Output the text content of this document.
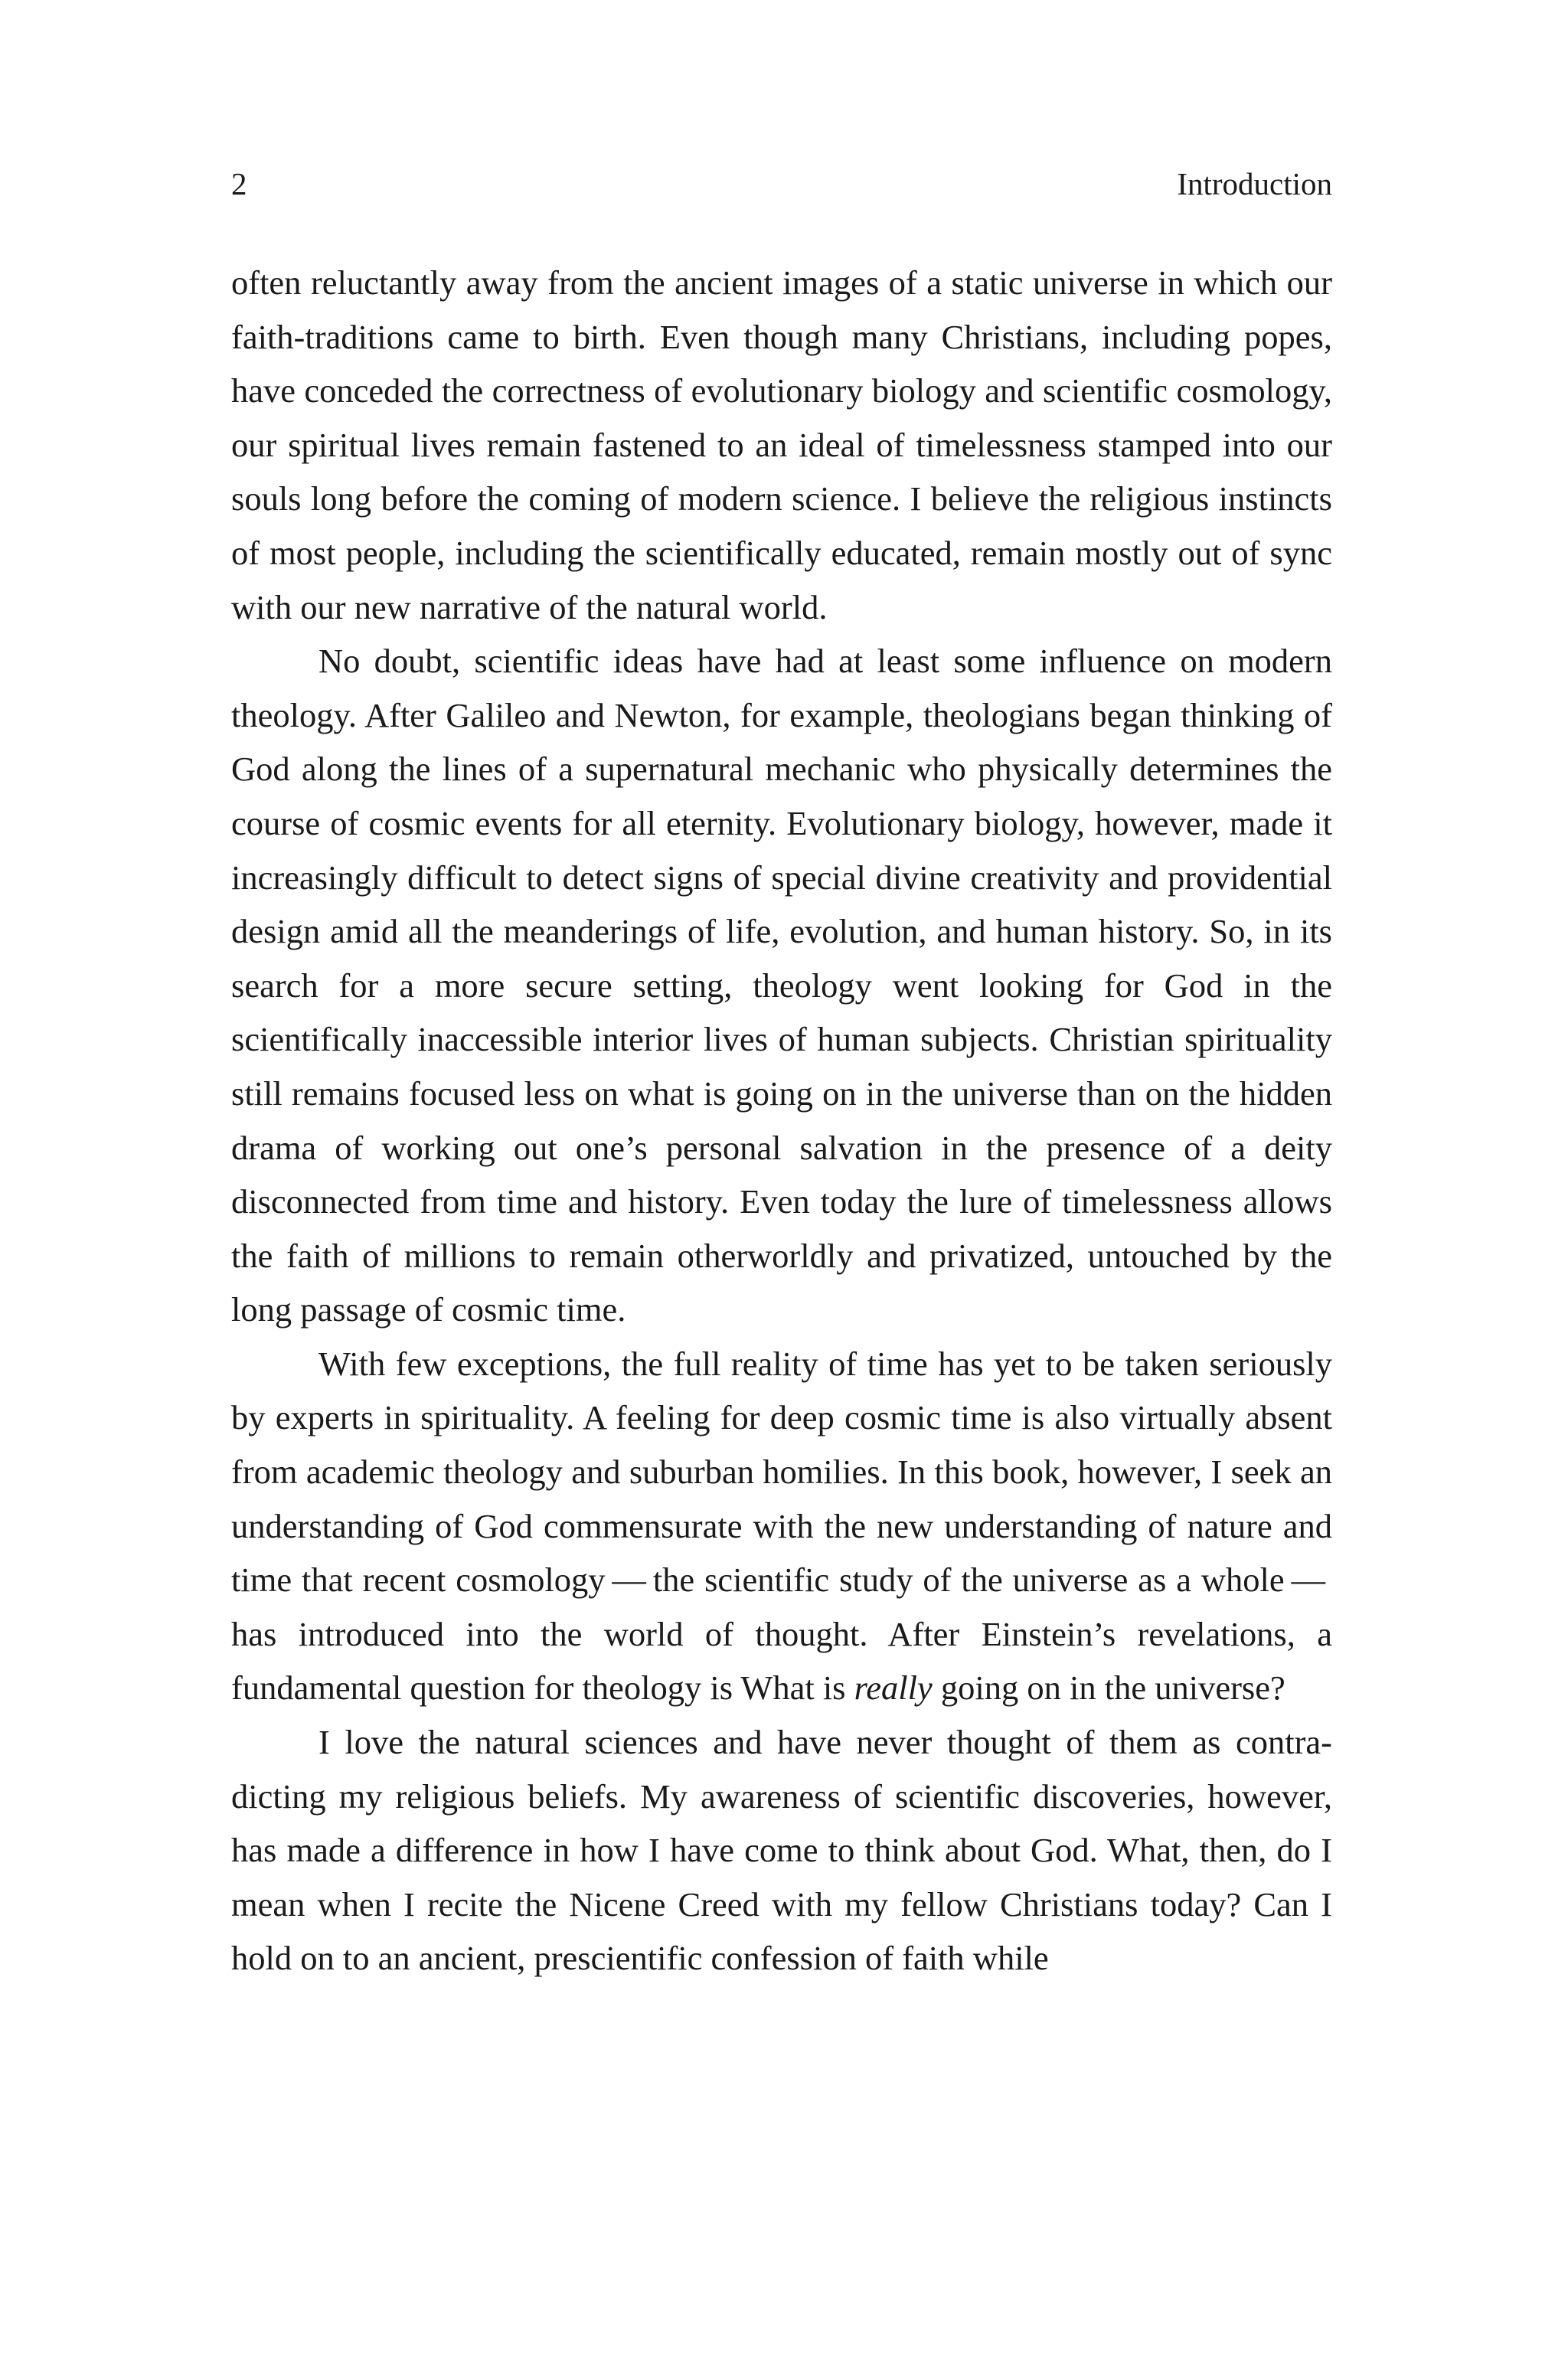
2	Introduction

often reluctantly away from the ancient images of a static universe in which our faith-traditions came to birth. Even though many Christians, including popes, have conceded the correctness of evolutionary biology and scientific cosmology, our spiritual lives remain fastened to an ideal of timelessness stamped into our souls long before the coming of modern science. I believe the religious instincts of most people, including the scientifically educated, remain mostly out of sync with our new narrative of the natural world.

No doubt, scientific ideas have had at least some influence on modern theology. After Galileo and Newton, for example, theologians began thinking of God along the lines of a supernatural mechanic who physically determines the course of cosmic events for all eternity. Evolutionary biology, however, made it increasingly difficult to detect signs of special divine creativity and providential design amid all the meanderings of life, evolution, and human history. So, in its search for a more secure setting, theology went looking for God in the scientifically inaccessible interior lives of human subjects. Christian spirituality still remains focused less on what is going on in the universe than on the hidden drama of working out one’s personal salvation in the presence of a deity disconnected from time and history. Even today the lure of timelessness allows the faith of millions to remain otherworldly and privatized, untouched by the long passage of cosmic time.

With few exceptions, the full reality of time has yet to be taken seriously by experts in spirituality. A feeling for deep cosmic time is also virtually absent from academic theology and suburban homilies. In this book, however, I seek an understanding of God commensurate with the new understanding of nature and time that recent cosmology — the scientific study of the universe as a whole — has introduced into the world of thought. After Einstein’s revelations, a fundamental question for theology is What is really going on in the universe?

I love the natural sciences and have never thought of them as contradicting my religious beliefs. My awareness of scientific discoveries, however, has made a difference in how I have come to think about God. What, then, do I mean when I recite the Nicene Creed with my fellow Christians today? Can I hold on to an ancient, prescientific confession of faith while
